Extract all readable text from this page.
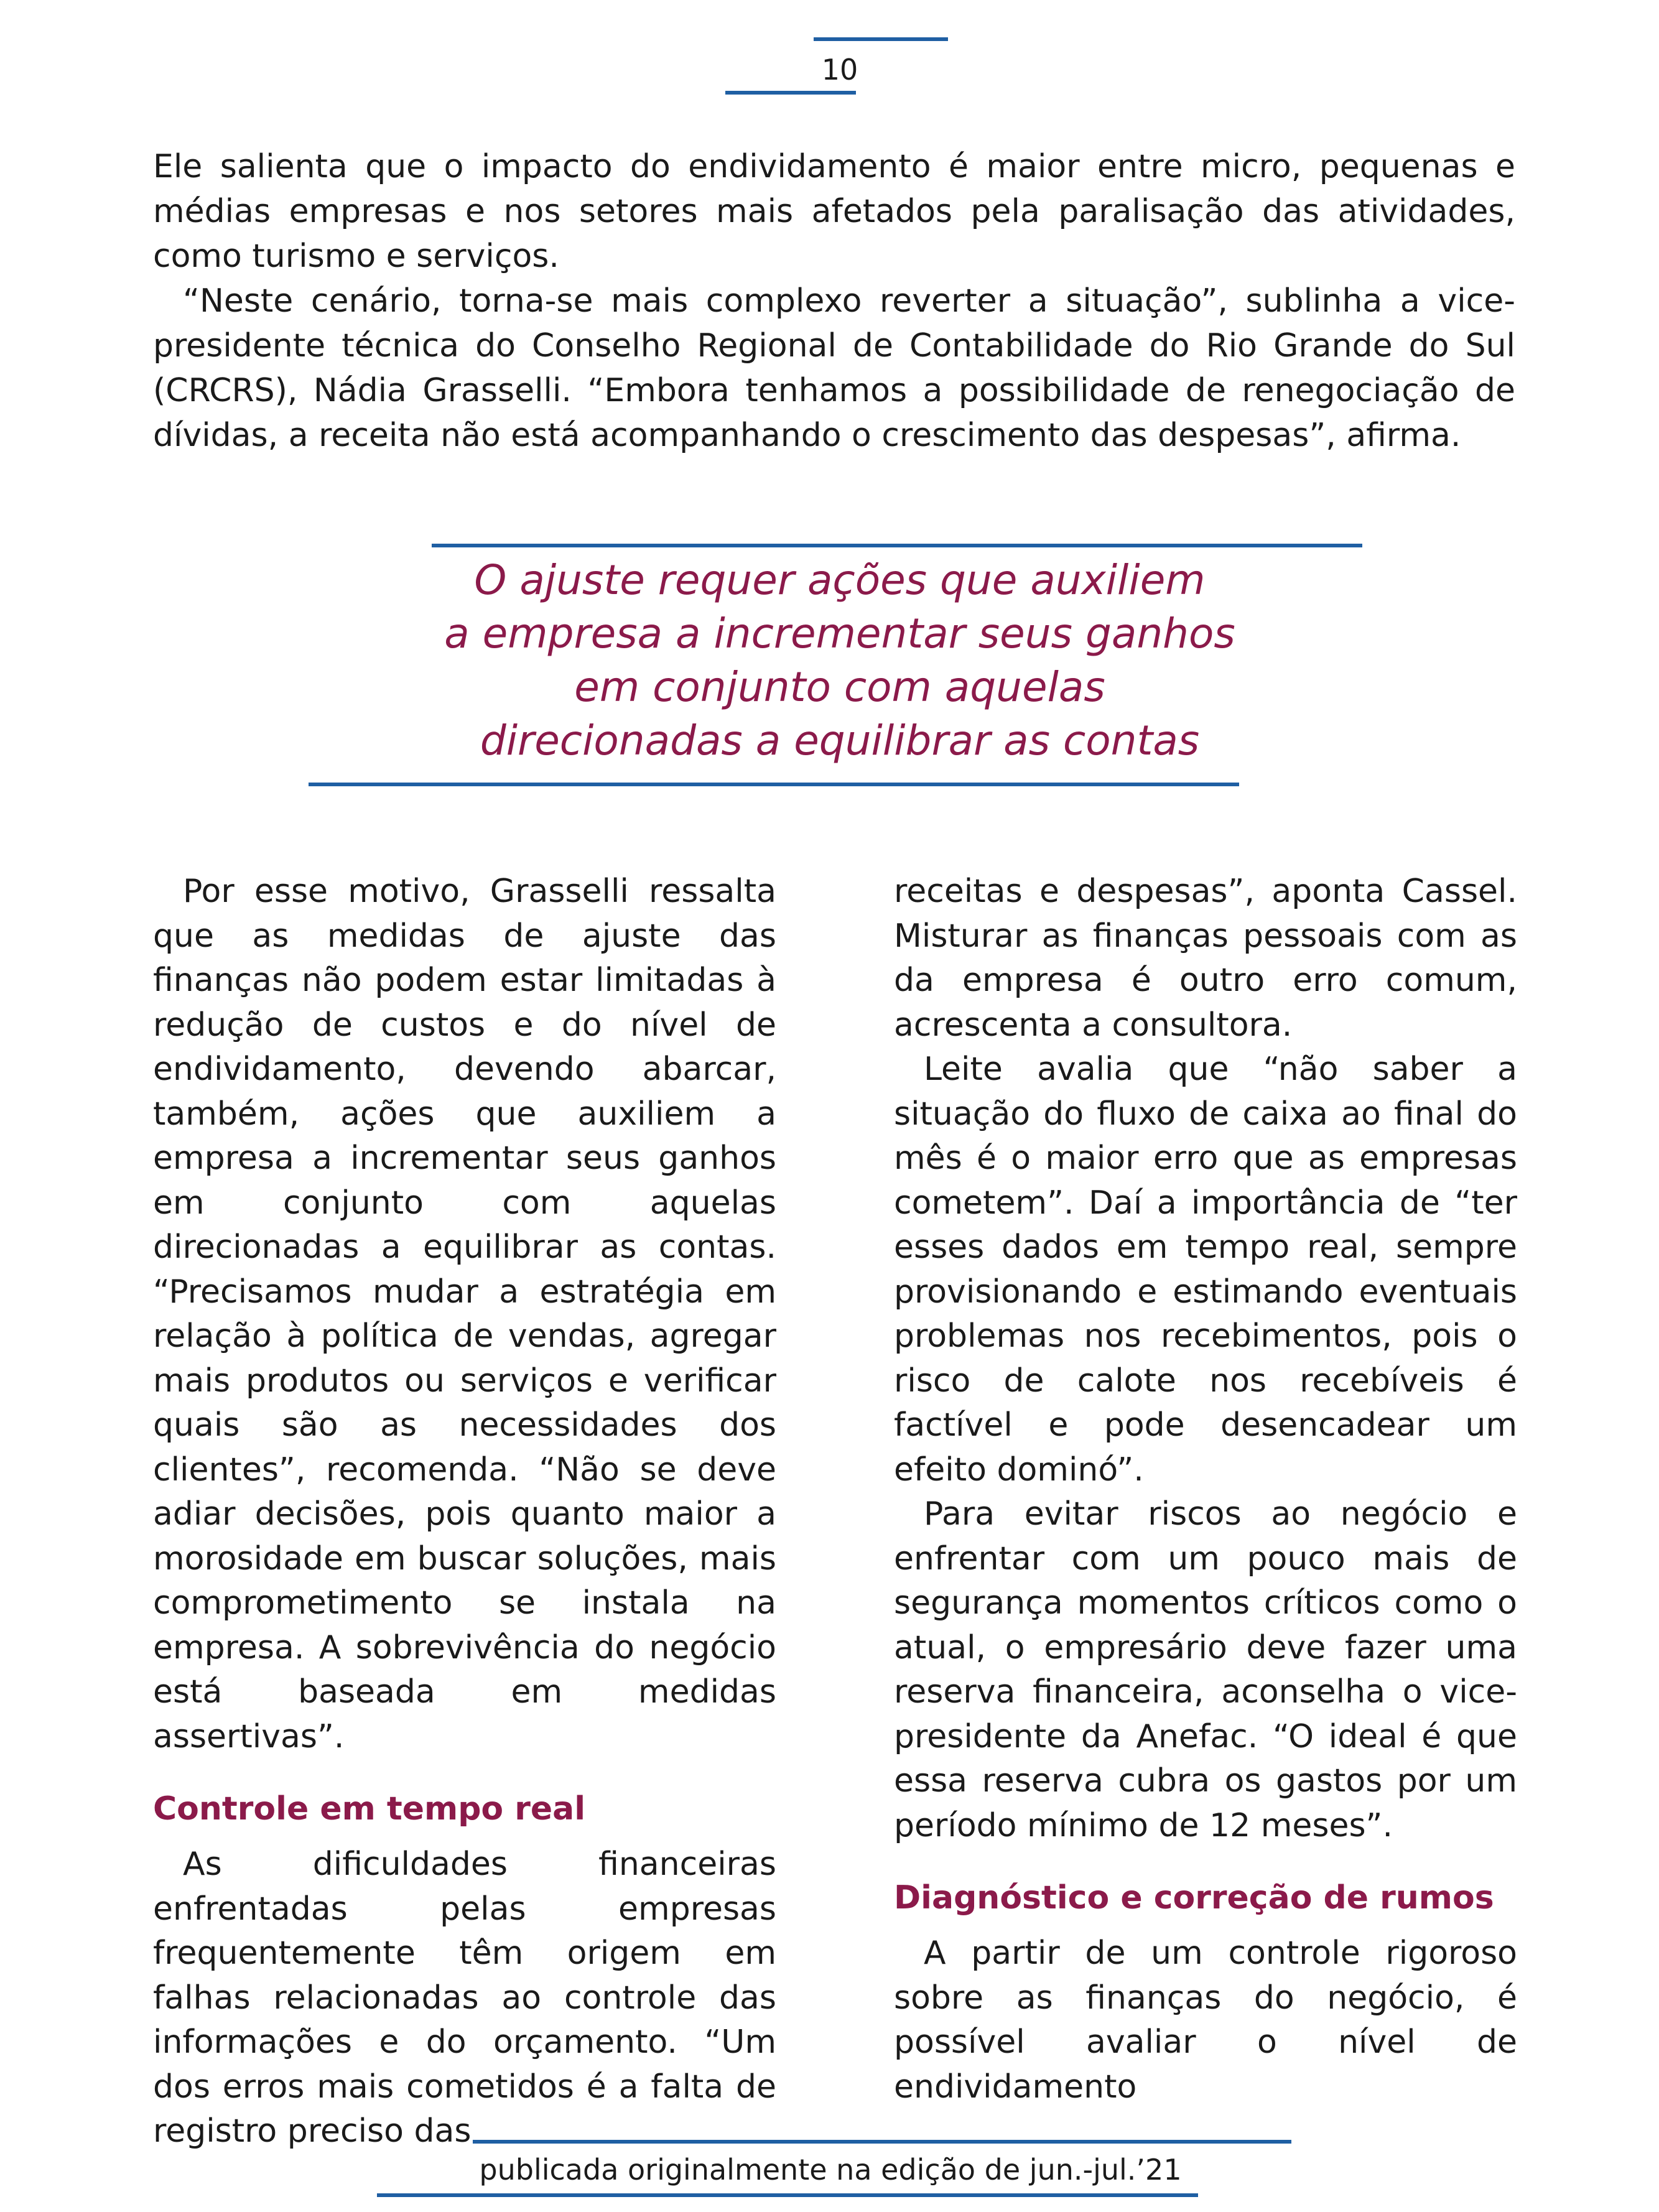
10

Ele salienta que o impacto do endividamento é maior entre micro, pequenas e médias empresas e nos setores mais afetados pela paralisação das atividades, como turismo e serviços.

“Neste cenário, torna-se mais complexo reverter a situação”, sublinha a vice-presidente técnica do Conselho Regional de Contabilidade do Rio Grande do Sul (CRCRS), Nádia Grasselli. “Embora tenhamos a possibilidade de renegociação de dívidas, a receita não está acompanhando o crescimento das despesas”, afirma.

O ajuste requer ações que auxiliem
a empresa a incrementar seus ganhos
em conjunto com aquelas
direcionadas a equilibrar as contas

Por esse motivo, Grasselli ressalta que as medidas de ajuste das finanças não podem estar limitadas à redução de custos e do nível de endividamento, devendo abarcar, também, ações que auxiliem a empresa a incrementar seus ganhos em conjunto com aquelas direcionadas a equilibrar as contas. “Precisamos mudar a estratégia em relação à política de vendas, agregar mais produtos ou serviços e verificar quais são as necessidades dos clientes”, recomenda. “Não se deve adiar decisões, pois quanto maior a morosidade em buscar soluções, mais comprometimento se instala na empresa. A sobrevivência do negócio está baseada em medidas assertivas”.

Controle em tempo real

As dificuldades financeiras enfrentadas pelas empresas frequentemente têm origem em falhas relacionadas ao controle das informações e do orçamento. “Um dos erros mais cometidos é a falta de registro preciso das

receitas e despesas”, aponta Cassel. Misturar as finanças pessoais com as da empresa é outro erro comum, acrescenta a consultora.

Leite avalia que “não saber a situação do fluxo de caixa ao final do mês é o maior erro que as empresas cometem”. Daí a importância de “ter esses dados em tempo real, sempre provisionando e estimando eventuais problemas nos recebimentos, pois o risco de calote nos recebíveis é factível e pode desencadear um efeito dominó”.

Para evitar riscos ao negócio e enfrentar com um pouco mais de segurança momentos críticos como o atual, o empresário deve fazer uma reserva financeira, aconselha o vice-presidente da Anefac. “O ideal é que essa reserva cubra os gastos por um período mínimo de 12 meses”.

Diagnóstico e correção de rumos

A partir de um controle rigoroso sobre as finanças do negócio, é possível avaliar o nível de endividamento

publicada originalmente na edição de jun.-jul.’21
